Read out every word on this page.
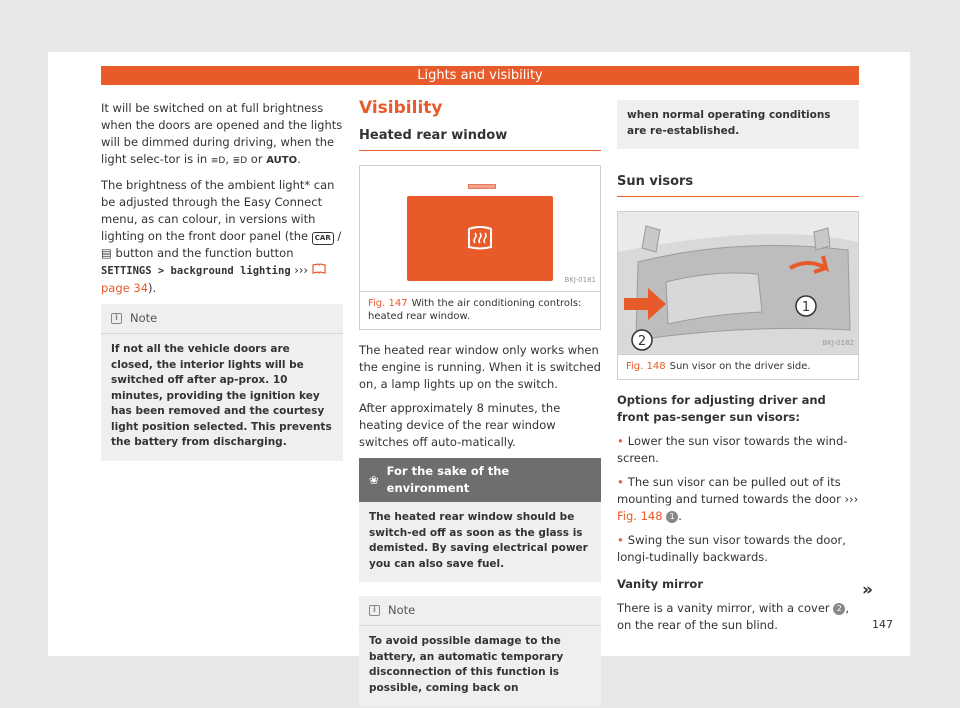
Lights and visibility

It will be switched on at full brightness when the doors are opened and the lights will be dimmed during driving, when the light selec-tor is in ≡D, ≣D or AUTO.

The brightness of the ambient light* can be adjusted through the Easy Connect menu, as can colour, in versions with lighting on the front door panel (the CAR / ▤ button and the function button SETTINGS > background lighting ›››  page 34).

i	Note
If not all the vehicle doors are closed, the interior lights will be switched off after ap-prox. 10 minutes, providing the ignition key has been removed and the courtesy light position selected. This prevents the battery from discharging.
Visibility
Heated rear window
BKJ-0181
Fig. 147 With the air conditioning controls: heated rear window.

The heated rear window only works when the engine is running. When it is switched on, a lamp lights up on the switch.

After approximately 8 minutes, the heating device of the rear window switches off auto-matically.

❀
For the sake of the environment
The heated rear window should be switch-ed off as soon as the glass is demisted. By saving electrical power you can also save fuel.
i	Note
To avoid possible damage to the battery, an automatic temporary disconnection of this function is possible, coming back on
when normal operating conditions are re-established.
Sun visors
1
2	BKJ-0182
Fig. 148 Sun visor on the driver side.

Options for adjusting driver and front pas-senger sun visors:

• Lower the sun visor towards the wind-screen.

• The sun visor can be pulled out of its mounting and turned towards the door ››› Fig. 148 1 .

• Swing the sun visor towards the door, longi-tudinally backwards.

Vanity mirror

There is a vanity mirror, with a cover 2 , on the rear of the sun blind.

»
147
